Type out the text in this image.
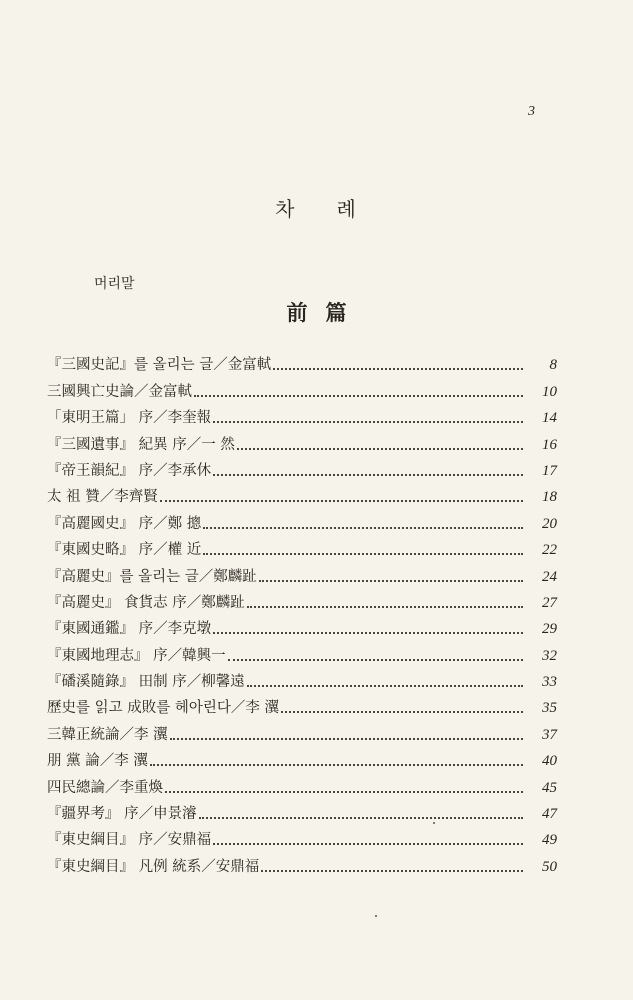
3
차 례
머리말
前 篇
『三國史記』를 올리는 글／金富軾	8
三國興亡史論／金富軾	10
「東明王篇」 序／李奎報	14
『三國遺事』 紀異 序／一 然	16
『帝王韻紀』 序／李承休	17
太 祖 贊／李齊賢	18
『高麗國史』 序／鄭 摠	20
『東國史略』 序／權 近	22
『高麗史』를 올리는 글／鄭麟趾	24
『高麗史』 食貨志 序／鄭麟趾	27
『東國通鑑』 序／李克墩	29
『東國地理志』 序／韓興一	32
『磻溪隨錄』 田制 序／柳馨遠	33
歷史를 읽고 成敗를 헤아린다／李 瀷	35
三韓正統論／李 瀷	37
朋 黨 論／李 瀷	40
四民總論／李重煥	45
『疆界考』 序／申景濬	47
『東史綱目』 序／安鼎福	49
『東史綱目』 凡例 統系／安鼎福	50
